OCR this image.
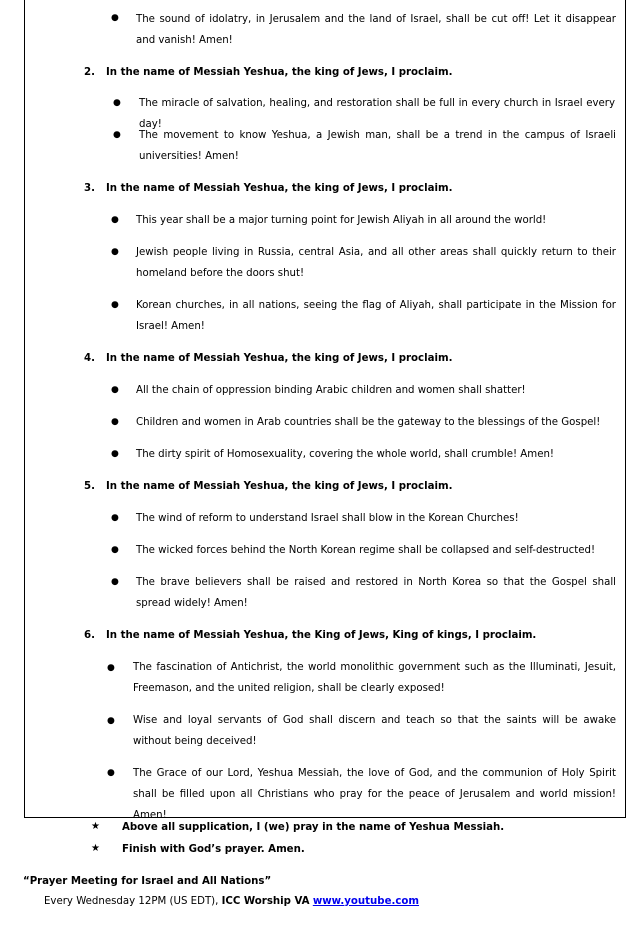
● The sound of idolatry, in Jerusalem and the land of Israel, shall be cut off! Let it disappear and vanish! Amen!
2. In the name of Messiah Yeshua, the king of Jews, I proclaim.
● The miracle of salvation, healing, and restoration shall be full in every church in Israel every day!
● The movement to know Yeshua, a Jewish man, shall be a trend in the campus of Israeli universities! Amen!
3. In the name of Messiah Yeshua, the king of Jews, I proclaim.
● This year shall be a major turning point for Jewish Aliyah in all around the world!
● Jewish people living in Russia, central Asia, and all other areas shall quickly return to their homeland before the doors shut!
● Korean churches, in all nations, seeing the flag of Aliyah, shall participate in the Mission for Israel! Amen!
4. In the name of Messiah Yeshua, the king of Jews, I proclaim.
● All the chain of oppression binding Arabic children and women shall shatter!
● Children and women in Arab countries shall be the gateway to the blessings of the Gospel!
● The dirty spirit of Homosexuality, covering the whole world, shall crumble! Amen!
5. In the name of Messiah Yeshua, the king of Jews, I proclaim.
● The wind of reform to understand Israel shall blow in the Korean Churches!
● The wicked forces behind the North Korean regime shall be collapsed and self-destructed!
● The brave believers shall be raised and restored in North Korea so that the Gospel shall spread widely! Amen!
6. In the name of Messiah Yeshua, the King of Jews, King of kings, I proclaim.
● The fascination of Antichrist, the world monolithic government such as the Illuminati, Jesuit, Freemason, and the united religion, shall be clearly exposed!
● Wise and loyal servants of God shall discern and teach so that the saints will be awake without being deceived!
● The Grace of our Lord, Yeshua Messiah, the love of God, and the communion of Holy Spirit shall be filled upon all Christians who pray for the peace of Jerusalem and world mission! Amen!
★ Above all supplication, I (we) pray in the name of Yeshua Messiah.
★ Finish with God’s prayer. Amen.
“Prayer Meeting for Israel and All Nations”
Every Wednesday 12PM (US EDT), ICC Worship VA www.youtube.com
